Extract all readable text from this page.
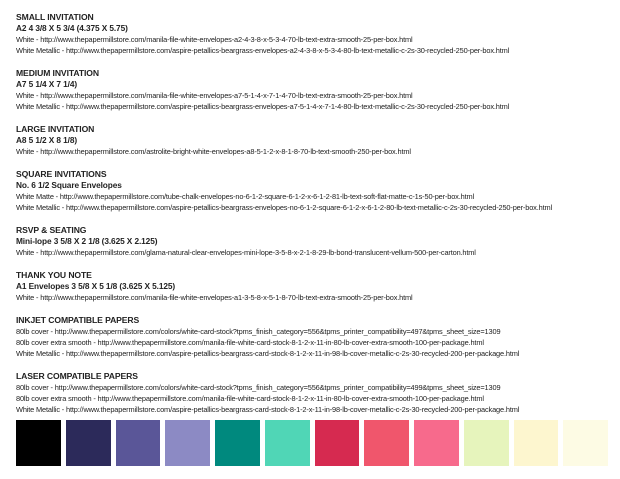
SMALL INVITATION
A2 4 3/8 X 5 3/4 (4.375 X 5.75)
White - http://www.thepapermillstore.com/manila-file-white-envelopes-a2-4-3-8-x-5-3-4-70-lb-text-extra-smooth-25-per-box.html
White Metallic - http://www.thepapermillstore.com/aspire-petallics-beargrass-envelopes-a2-4-3-8-x-5-3-4-80-lb-text-metallic-c-2s-30-recycled-250-per-box.html
MEDIUM INVITATION
A7 5 1/4 X 7 1/4)
White - http://www.thepapermillstore.com/manila-file-white-envelopes-a7-5-1-4-x-7-1-4-70-lb-text-extra-smooth-25-per-box.html
White Metallic - http://www.thepapermillstore.com/aspire-petallics-beargrass-envelopes-a7-5-1-4-x-7-1-4-80-lb-text-metallic-c-2s-30-recycled-250-per-box.html
LARGE INVITATION
A8 5 1/2 X 8 1/8)
White - http://www.thepapermillstore.com/astrolite-bright-white-envelopes-a8-5-1-2-x-8-1-8-70-lb-text-smooth-250-per-box.html
SQUARE INVITATIONS
No. 6 1/2 Square Envelopes
White Matte - http://www.thepapermillstore.com/tube-chalk-envelopes-no-6-1-2-square-6-1-2-x-6-1-2-81-lb-text-soft-flat-matte-c-1s-50-per-box.html
White Metallic - http://www.thepapermillstore.com/aspire-petallics-beargrass-envelopes-no-6-1-2-square-6-1-2-x-6-1-2-80-lb-text-metallic-c-2s-30-recycled-250-per-box.html
RSVP & SEATING
Mini-lope 3 5/8 X 2 1/8 (3.625 X 2.125)
White - http://www.thepapermillstore.com/glama-natural-clear-envelopes-mini-lope-3-5-8-x-2-1-8-29-lb-bond-translucent-vellum-500-per-carton.html
THANK YOU NOTE
A1 Envelopes 3 5/8 X 5 1/8 (3.625 X 5.125)
White - http://www.thepapermillstore.com/manila-file-white-envelopes-a1-3-5-8-x-5-1-8-70-lb-text-extra-smooth-25-per-box.html
INKJET COMPATIBLE PAPERS
80lb cover - http://www.thepapermillstore.com/colors/white-card-stock?tpms_finish_category=556&tpms_printer_compatibility=497&tpms_sheet_size=1309
80lb cover extra smooth - http://www.thepapermillstore.com/manila-file-white-card-stock-8-1-2-x-11-in-80-lb-cover-extra-smooth-100-per-package.html
White Metallic - http://www.thepapermillstore.com/aspire-petallics-beargrass-card-stock-8-1-2-x-11-in-98-lb-cover-metallic-c-2s-30-recycled-200-per-package.html
LASER COMPATIBLE PAPERS
80lb cover - http://www.thepapermillstore.com/colors/white-card-stock?tpms_finish_category=556&tpms_printer_compatibility=499&tpms_sheet_size=1309
80lb cover extra smooth - http://www.thepapermillstore.com/manila-file-white-card-stock-8-1-2-x-11-in-80-lb-cover-extra-smooth-100-per-package.html
White Metallic - http://www.thepapermillstore.com/aspire-petallics-beargrass-card-stock-8-1-2-x-11-in-98-lb-cover-metallic-c-2s-30-recycled-200-per-package.html
